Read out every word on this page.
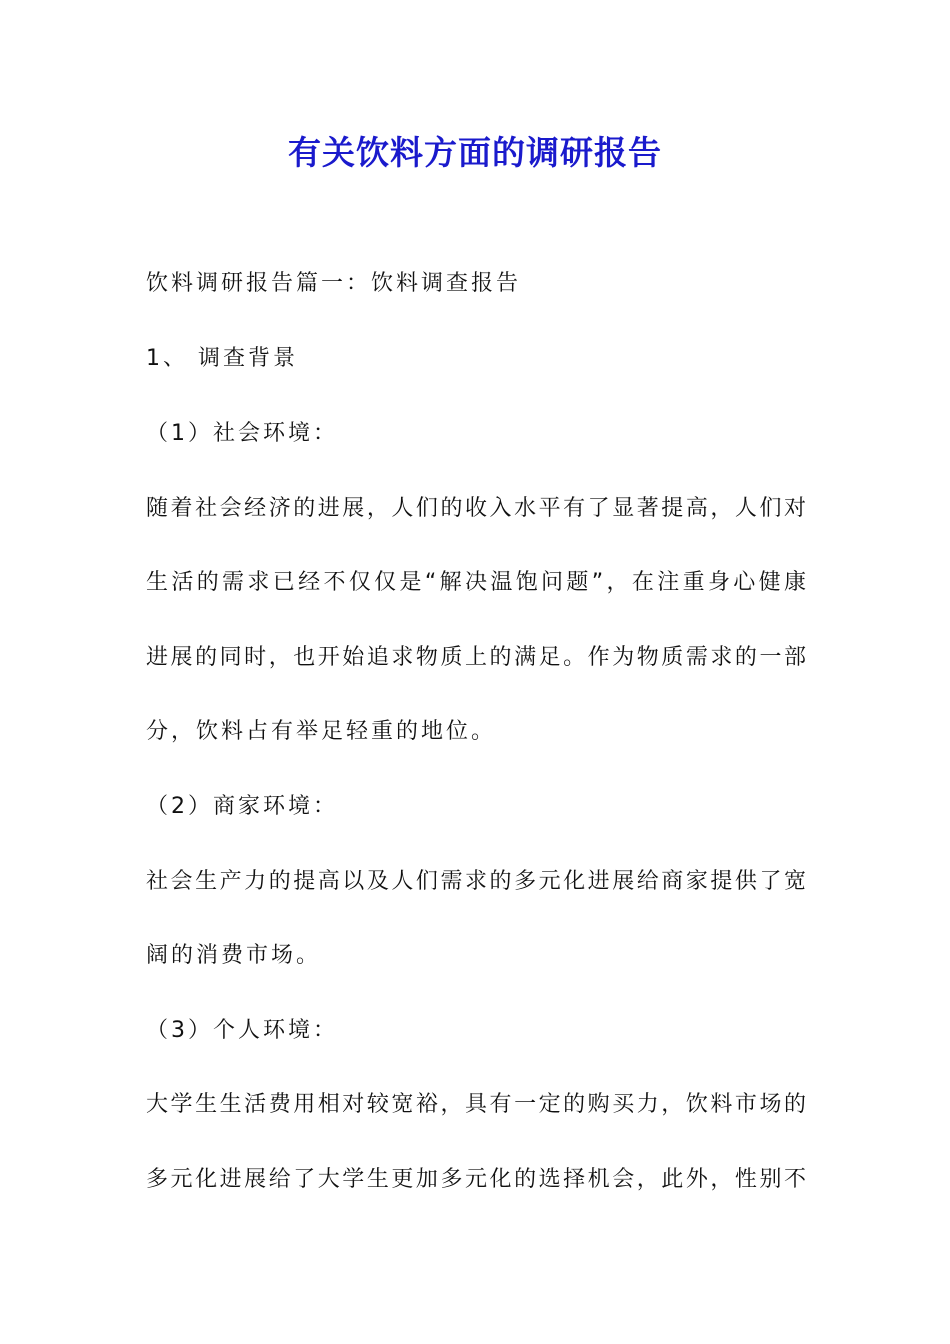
有关饮料方面的调研报告
饮料调研报告篇一：饮料调查报告
1、 调查背景
（1）社会环境：
随着社会经济的进展，人们的收入水平有了显著提高，人们对
生活的需求已经不仅仅是“解决温饱问题”，在注重身心健康
进展的同时，也开始追求物质上的满足。作为物质需求的一部
分，饮料占有举足轻重的地位。
（2）商家环境：
社会生产力的提高以及人们需求的多元化进展给商家提供了宽
阔的消费市场。
（3）个人环境：
大学生生活费用相对较宽裕，具有一定的购买力，饮料市场的
多元化进展给了大学生更加多元化的选择机会，此外，性别不
